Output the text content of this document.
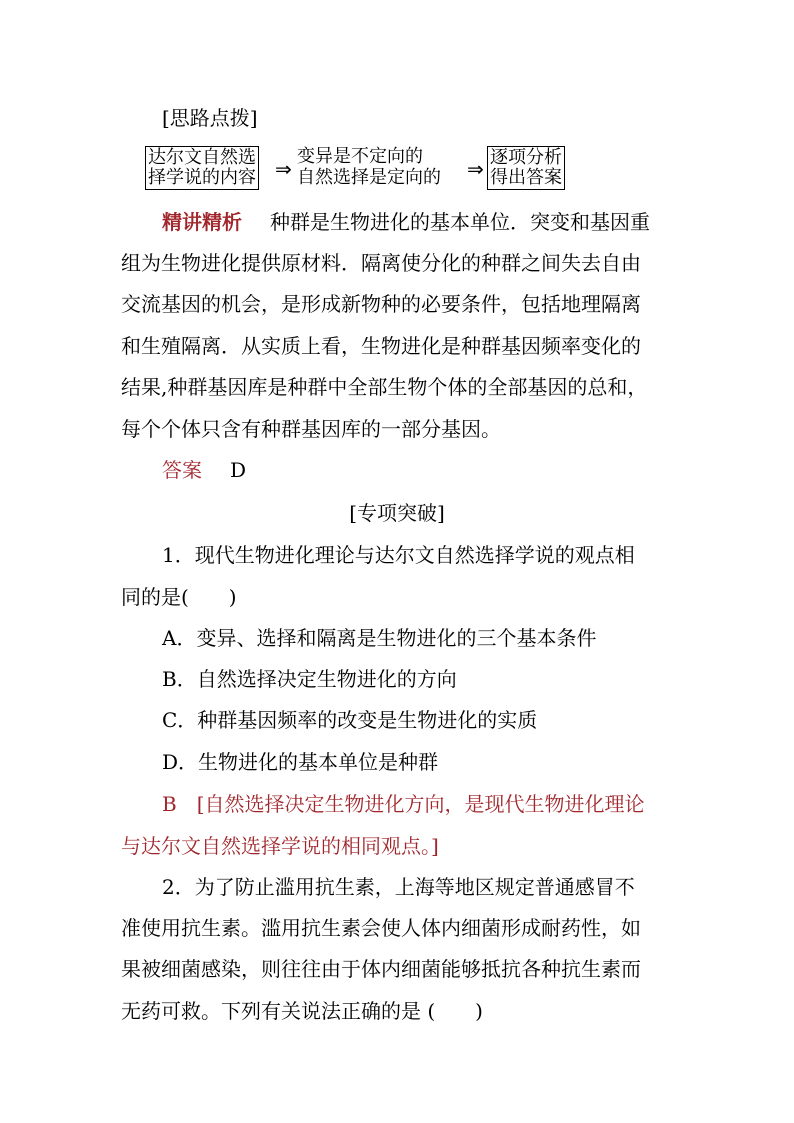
[思路点拨]
达尔文自然选
择学说的内容 ⇒
变异是不定向的
自然选择是定向的 ⇒ 逐项分析
得出答案
精讲精析 种群是生物进化的基本单位．突变和基因重
组为生物进化提供原材料．隔离使分化的种群之间失去自由
交流基因的机会，是形成新物种的必要条件，包括地理隔离
和生殖隔离．从实质上看，生物进化是种群基因频率变化的
结果,种群基因库是种群中全部生物个体的全部基因的总和，
每个个体只含有种群基因库的一部分基因。
答案 D
[专项突破]
1．现代生物进化理论与达尔文自然选择学说的观点相
同的是(　　)
A．变异、选择和隔离是生物进化的三个基本条件
B．自然选择决定生物进化的方向
C．种群基因频率的改变是生物进化的实质
D．生物进化的基本单位是种群
B　[自然选择决定生物进化方向，是现代生物进化理论
与达尔文自然选择学说的相同观点。]
2．为了防止滥用抗生素，上海等地区规定普通感冒不
准使用抗生素。滥用抗生素会使人体内细菌形成耐药性，如
果被细菌感染，则往往由于体内细菌能够抵抗各种抗生素而
无药可救。下列有关说法正确的是 (　　)
